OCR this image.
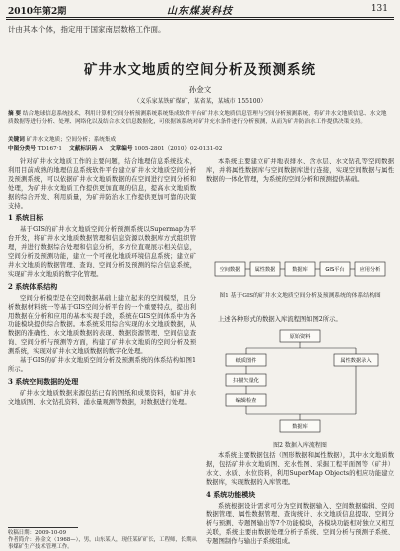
2010年第2期	山东煤炭科技	131
计由其本个体，指定用于国家南层数格工作面。
矿井水文地质的空间分析及预测系统
孙金文
（义乐家某铁矿煤矿，某省某，某城市 155100）
摘 要 结合地球信息系统技术，利用计算机空间分析预测系统系统集成软件平台矿井水文地质信息管理与空间分析预测系统，将矿井水文地质信息、水文地质数据等进行分析、处理、网络化以及结合水文信息数据化，可依据该系统对矿井充水条件进行分析预测，从而为矿井防治水工作提供决策支持。
关键词 矿井水文地质；空间分析；系统集成
中图分类号 TD167·1 文献标识码 A 文章编号 1005-2801（2010）02-0131-02

针对矿井水文地质工作的主要问题，结合地理信息系统技术，利用目前成熟的地理信息系统软件平台建立矿井水文地质空间分析及预测系统，可以依据矿井水文地质数据的在空间进行空间分析和处理，为矿井水文地质工作提供更加直观的信息，提高水文地质数据的综合开发、利用质量，为矿井防治水工作提供更加可靠的决策支持。

1 系统目标

基于GIS的矿井水文地质空间分析预测系统以Supermap为平台开发，将矿井水文地质数据管理和信息资源以数据库方式组织管理，并进行数据综合处理和信息分析，多方位直观展示相关信息，空间分析及预测功能，建立一个可视化地质环境信息系统；建立矿井水文地质的数据管理、查询、空间分析及预测的综合信息系统，实现矿井水文地质的数字化管理。

2 系统体系结构

空间分析模型是在空间数据基础上建立起来的空间模型，且分析数据材料统一等基于GIS空间分析平台的一个重要特点，提出利用数据在分析和应用的基本实现手段，系统在GIS空间体系中为各功能模块提供综合数据。本系统采用综合实现的水文地质数据，从数据的准确性、水文地质数据的表现、数据资源管理、空间信息查询、空间分析与预测等方面，构建了矿井水文地质的空间分析及预测系统，实现对矿井水文地质数据的数字化处理。

基于GIS的矿井水文地质空间分析及预测系统的体系结构如图1所示。

3 系统空间数据的处理

矿井水文地质数据来源包括已有的图纸和成果资料，如矿井水文地质图、水文钻孔资料、涌水量观测等数据，对数据进行处理。

收稿日期：2009-10-09
作者简介：孙金文（1968—），男，山东某人，现任某矿矿长，工程师，长期从事煤矿生产技术管理工作。

本系统主要建立矿井地表排水、含水层、水文钻孔等空间数据库，并将属性数据库与空间数据库进行连接，实现空间数据与属性数据的一体化管理，为系统的空间分析和预测提供基础。

空间数据	属性数据	数据库	GIS平台	应用分析
图1 基于GIS的矿井水文地质空间分析及预测系统的体系结构图

上述各种形式的数据入库流程图如图2所示。

原始资料
纸质图件
扫描矢量化
编辑检查
属性数据录入
数据库
图2 数据入库流程图

本系统主要数据包括（图形数据和属性数据），其中水文地质数据，包括矿井水文地质图、充水性图、采掘工程平面图等（矿井）水文、水质、水位资料，利用SuperMap Objects的相应功能建立数据库，实现数据的入库管理。

4 系统功能模块

系统根据设计需求可分为空间数据输入、空间数据编辑、空间数据管理、属性数据管理、查询统计、水文地质信息提取、空间分析与预测、专题图输出等7个功能模块，各模块功能相对独立又相互关联，系统主要由数据处理分析子系统、空间分析与预测子系统、专题图制作与输出子系统组成。
